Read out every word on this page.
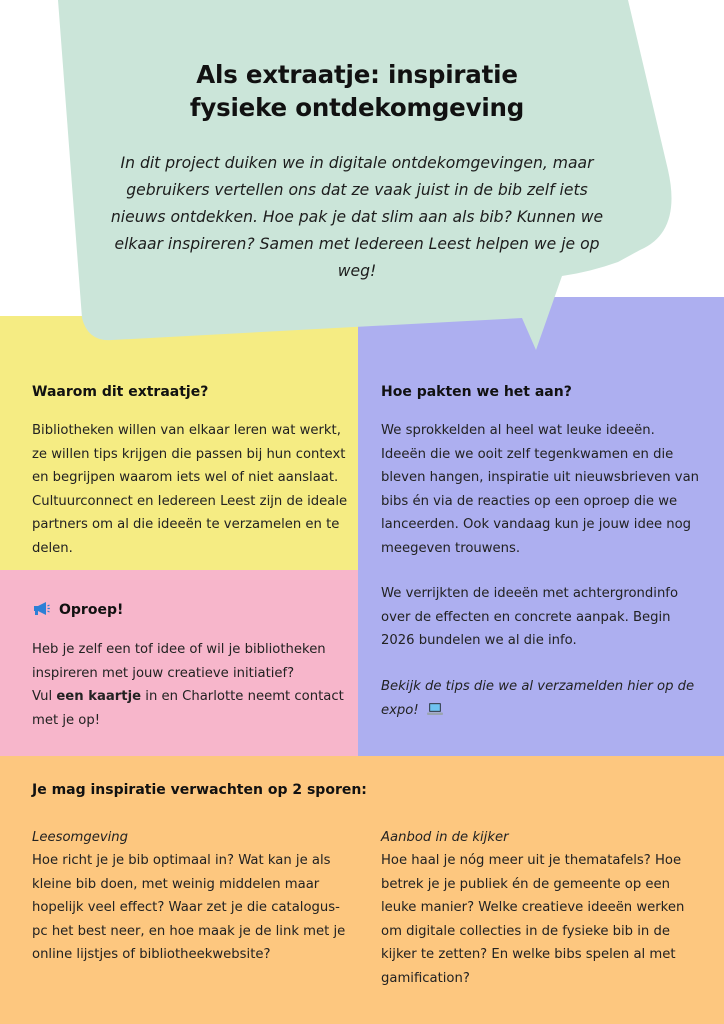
Als extraatje: inspiratie
fysieke ontdekomgeving

In dit project duiken we in digitale ontdekomgevingen, maar gebruikers vertellen ons dat ze vaak juist in de bib zelf iets nieuws ontdekken. Hoe pak je dat slim aan als bib? Kunnen we elkaar inspireren? Samen met Iedereen Leest helpen we je op weg!

Waarom dit extraatje?

Bibliotheken willen van elkaar leren wat werkt, ze willen tips krijgen die passen bij hun context en begrijpen waarom iets wel of niet aanslaat. Cultuurconnect en Iedereen Leest zijn de ideale partners om al die ideeën te verzamelen en te delen.

Oproep!

Heb je zelf een tof idee of wil je bibliotheken inspireren met jouw creatieve initiatief?
Vul een kaartje in en Charlotte neemt contact met je op!

Hoe pakten we het aan?

We sprokkelden al heel wat leuke ideeën. Ideeën die we ooit zelf tegenkwamen en die bleven hangen, inspiratie uit nieuwsbrieven van bibs én via de reacties op een oproep die we lanceerden. Ook vandaag kun je jouw idee nog meegeven trouwens.

We verrijkten de ideeën met achtergrondinfo over de effecten en concrete aanpak. Begin 2026 bundelen we al die info.

Bekijk de tips die we al verzamelden hier op de expo!

Je mag inspiratie verwachten op 2 sporen:

Leesomgeving

Hoe richt je je bib optimaal in? Wat kan je als kleine bib doen, met weinig middelen maar hopelijk veel effect? Waar zet je die catalogus-pc het best neer, en hoe maak je de link met je online lijstjes of bibliotheekwebsite?

Aanbod in de kijker

Hoe haal je nóg meer uit je thematafels? Hoe betrek je je publiek én de gemeente op een leuke manier? Welke creatieve ideeën werken om digitale collecties in de fysieke bib in de kijker te zetten? En welke bibs spelen al met gamification?
